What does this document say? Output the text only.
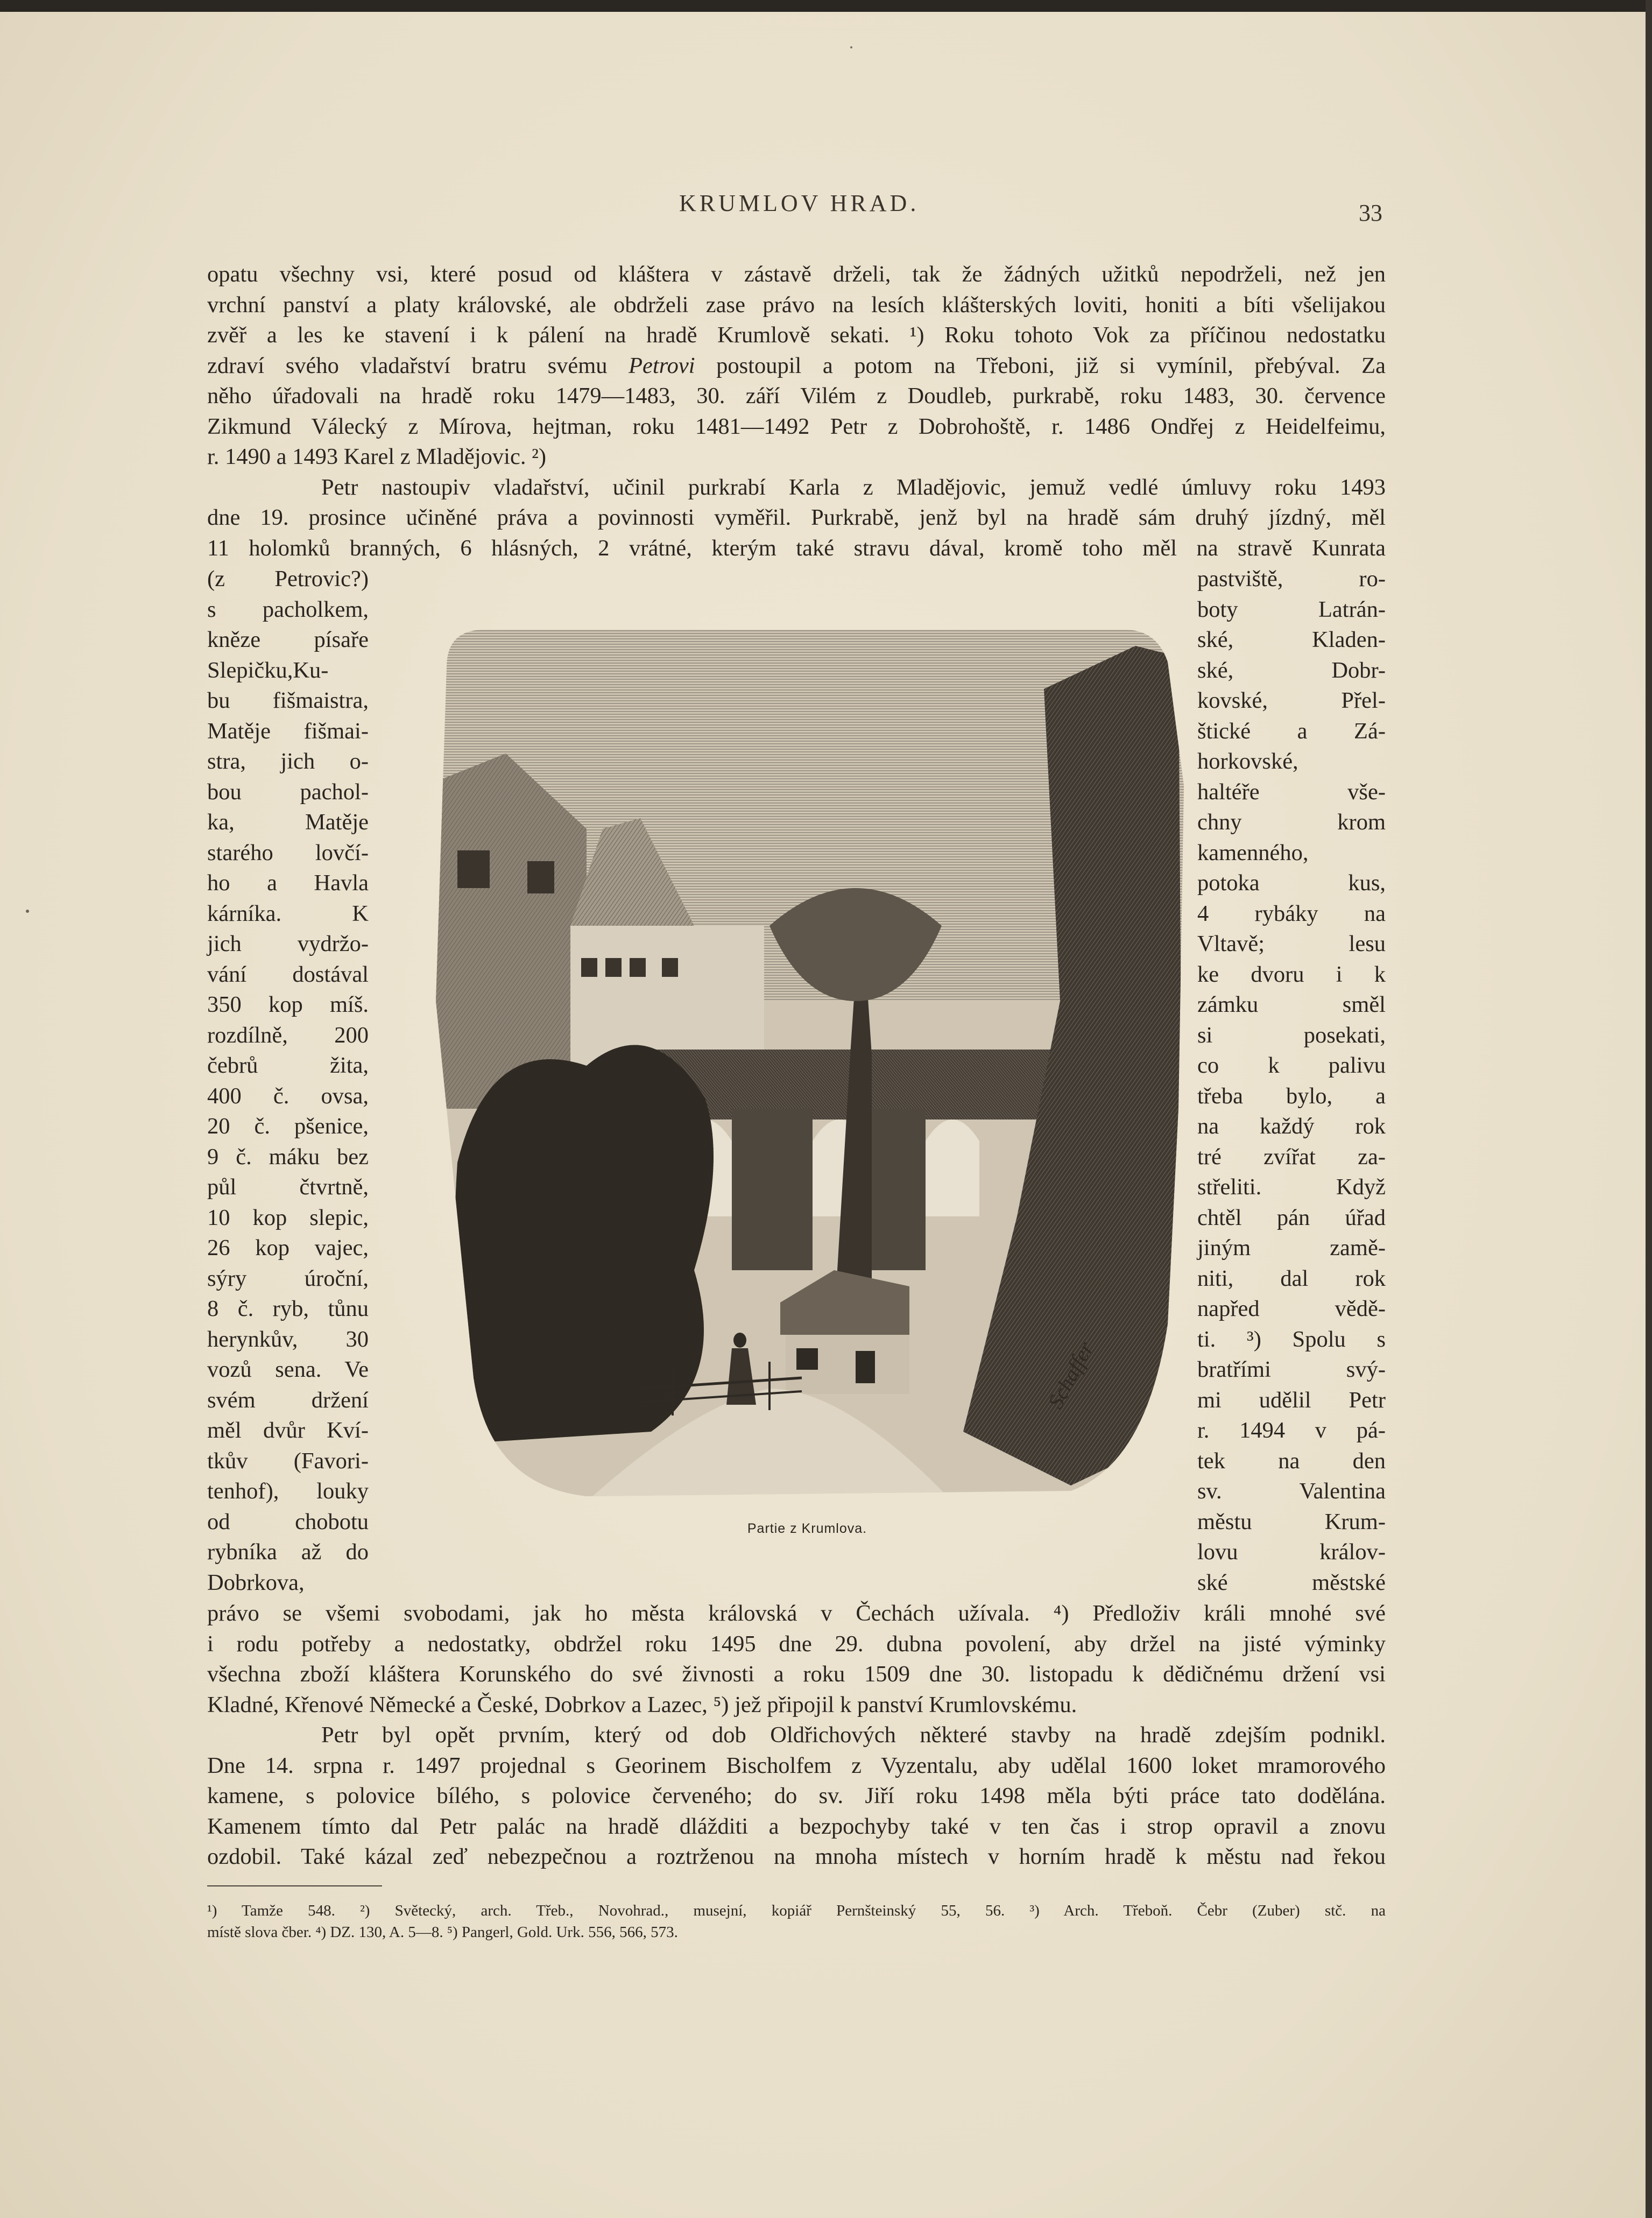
KRUMLOV HRAD.	33
opatu všechny vsi, které posud od kláštera v zástavě drželi, tak že žádných užitků nepodrželi, než jen
vrchní panství a platy královské, ale obdrželi zase právo na lesích klášterských loviti, honiti a bíti všelijakou
zvěř a les ke stavení i k pálení na hradě Krumlově sekati. ¹) Roku tohoto Vok za příčinou nedostatku
zdraví svého vladařství bratru svému Petrovi postoupil a potom na Třeboni, již si vymínil, přebýval. Za
něho úřadovali na hradě roku 1479—1483, 30. září Vilém z Doudleb, purkrabě, roku 1483, 30. července
Zikmund Válecký z Mírova, hejtman, roku 1481—1492 Petr z Dobrohoště, r. 1486 Ondřej z Heidelfeimu,
r. 1490 a 1493 Karel z Mladějovic. ²)
Petr nastoupiv vladařství, učinil purkrabí Karla z Mladějovic, jemuž vedlé úmluvy roku 1493
dne 19. prosince učiněné práva a povinnosti vyměřil. Purkrabě, jenž byl na hradě sám druhý jízdný, měl
11 holomků branných, 6 hlásných, 2 vrátné, kterým také stravu dával, kromě toho měl na stravě Kunrata
(z Petrovic?)
s pacholkem,
kněze písaře
Slepičku,Ku-
bu fišmaistra,
Matěje fišmai-
stra, jich o-
bou pachol-
ka, Matěje
starého lovčí-
ho a Havla
kárníka. K
jich vydržo-
vání dostával
350 kop míš.
rozdílně, 200
čebrů žita,
400 č. ovsa,
20 č. pšenice,
9 č. máku bez
půl čtvrtně,
10 kop slepic,
26 kop vajec,
sýry úroční,
8 č. ryb, tůnu
herynkův, 30
vozů sena. Ve
svém držení
měl dvůr Kví-
tkův (Favori-
tenhof), louky
od chobotu
rybníka až do
Dobrkova,
pastviště, ro-
boty Latrán-
ské, Kladen-
ské, Dobr-
kovské, Přel-
štické a Zá-
horkovské,
haltéře vše-
chny krom
kamenného,
potoka kus,
4 rybáky na
Vltavě; lesu
ke dvoru i k
zámku směl
si posekati,
co k palivu
třeba bylo, a
na každý rok
tré zvířat za-
střeliti. Když
chtěl pán úřad
jiným zamě-
niti, dal rok
napřed vědě-
ti. ³) Spolu s
bratřími svý-
mi udělil Petr
r. 1494 v pá-
tek na den
sv. Valentina
městu Krum-
lovu králov-
ské městské
Schaffer
Partie z Krumlova.
právo se všemi svobodami, jak ho města královská v Čechách užívala. ⁴) Předloživ králi mnohé své
i rodu potřeby a nedostatky, obdržel roku 1495 dne 29. dubna povolení, aby držel na jisté výminky
všechna zboží kláštera Korunského do své živnosti a roku 1509 dne 30. listopadu k dědičnému držení vsi
Kladné, Křenové Německé a České, Dobrkov a Lazec, ⁵) jež připojil k panství Krumlovskému.
Petr byl opět prvním, který od dob Oldřichových některé stavby na hradě zdejším podnikl.
Dne 14. srpna r. 1497 projednal s Georinem Bischolfem z Vyzentalu, aby udělal 1600 loket mramorového
kamene, s polovice bílého, s polovice červeného; do sv. Jiří roku 1498 měla býti práce tato dodělána.
Kamenem tímto dal Petr palác na hradě dlážditi a bezpochyby také v ten čas i strop opravil a znovu
ozdobil. Také kázal zeď nebezpečnou a roztrženou na mnoha místech v horním hradě k městu nad řekou
¹) Tamže 548. ²) Světecký, arch. Třeb., Novohrad., musejní, kopiář Pernšteinský 55, 56. ³) Arch. Třeboň. Čebr (Zuber) stč. na
místě slova čber. ⁴) DZ. 130, A. 5—8. ⁵) Pangerl, Gold. Urk. 556, 566, 573.
